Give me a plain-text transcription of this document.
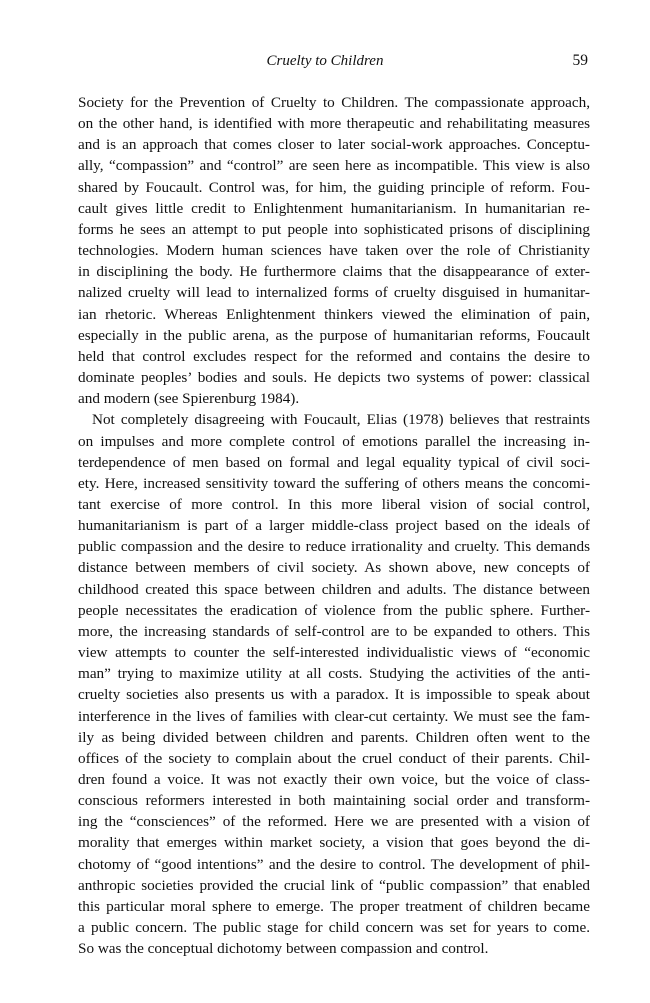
Cruelty to Children	59
Society for the Prevention of Cruelty to Children. The compassionate approach,
on the other hand, is identified with more therapeutic and rehabilitating measures
and is an approach that comes closer to later social-work approaches. Conceptu-
ally, “compassion” and “control” are seen here as incompatible. This view is also
shared by Foucault. Control was, for him, the guiding principle of reform. Fou-
cault gives little credit to Enlightenment humanitarianism. In humanitarian re-
forms he sees an attempt to put people into sophisticated prisons of disciplining
technologies. Modern human sciences have taken over the role of Christianity
in disciplining the body. He furthermore claims that the disappearance of exter-
nalized cruelty will lead to internalized forms of cruelty disguised in humanitar-
ian rhetoric. Whereas Enlightenment thinkers viewed the elimination of pain,
especially in the public arena, as the purpose of humanitarian reforms, Foucault
held that control excludes respect for the reformed and contains the desire to
dominate peoples’ bodies and souls. He depicts two systems of power: classical
and modern (see Spierenburg 1984).
Not completely disagreeing with Foucault, Elias (1978) believes that restraints
on impulses and more complete control of emotions parallel the increasing in-
terdependence of men based on formal and legal equality typical of civil soci-
ety. Here, increased sensitivity toward the suffering of others means the concomi-
tant exercise of more control. In this more liberal vision of social control,
humanitarianism is part of a larger middle-class project based on the ideals of
public compassion and the desire to reduce irrationality and cruelty. This demands
distance between members of civil society. As shown above, new concepts of
childhood created this space between children and adults. The distance between
people necessitates the eradication of violence from the public sphere. Further-
more, the increasing standards of self-control are to be expanded to others. This
view attempts to counter the self-interested individualistic views of “economic
man” trying to maximize utility at all costs. Studying the activities of the anti-
cruelty societies also presents us with a paradox. It is impossible to speak about
interference in the lives of families with clear-cut certainty. We must see the fam-
ily as being divided between children and parents. Children often went to the
offices of the society to complain about the cruel conduct of their parents. Chil-
dren found a voice. It was not exactly their own voice, but the voice of class-
conscious reformers interested in both maintaining social order and transform-
ing the “consciences” of the reformed. Here we are presented with a vision of
morality that emerges within market society, a vision that goes beyond the di-
chotomy of “good intentions” and the desire to control. The development of phil-
anthropic societies provided the crucial link of “public compassion” that enabled
this particular moral sphere to emerge. The proper treatment of children became
a public concern. The public stage for child concern was set for years to come.
So was the conceptual dichotomy between compassion and control.
